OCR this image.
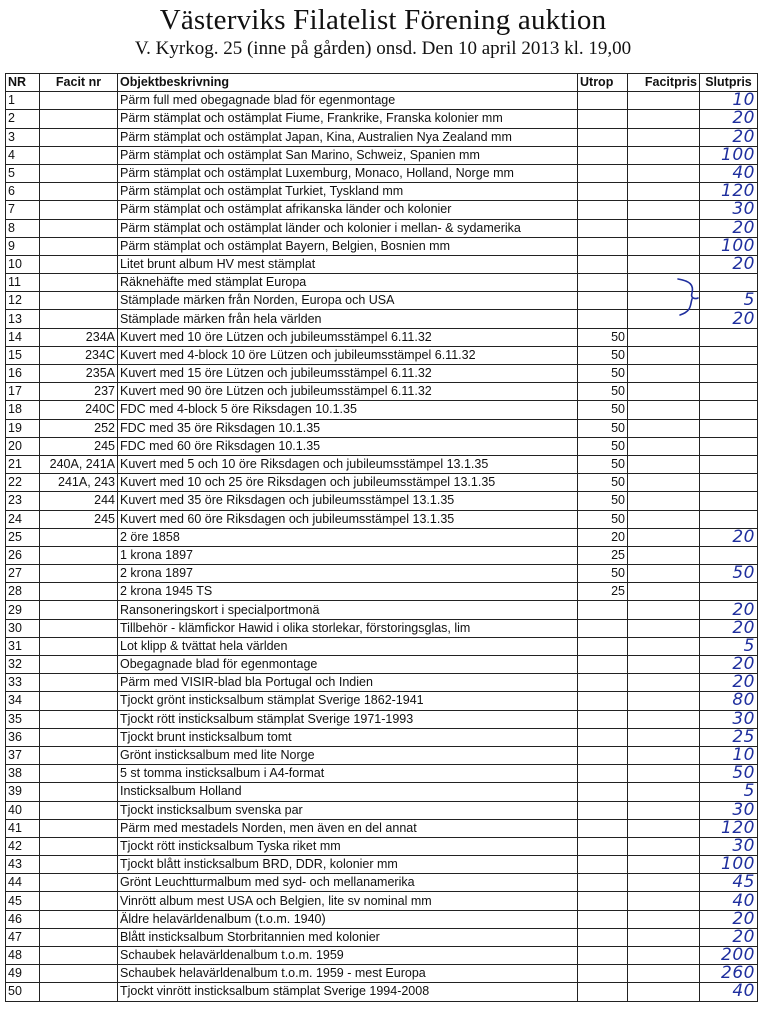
Västerviks Filatelist Förening auktion
V. Kyrkog. 25 (inne på gården) onsd. Den 10 april 2013 kl. 19,00
NR	Facit nr	Objektbeskrivning	Utrop	Facitpris	Slutpris
1		Pärm full med obegagnade blad för egenmontage			10
2		Pärm stämplat och ostämplat Fiume, Frankrike, Franska kolonier mm			20
3		Pärm stämplat och ostämplat Japan, Kina, Australien Nya Zealand mm			20
4		Pärm stämplat och ostämplat San Marino, Schweiz, Spanien mm			100
5		Pärm stämplat och ostämplat Luxemburg, Monaco, Holland, Norge mm			40
6		Pärm stämplat och ostämplat Turkiet, Tyskland mm			120
7		Pärm stämplat och ostämplat afrikanska länder och kolonier			30
8		Pärm stämplat och ostämplat länder och kolonier i mellan- & sydamerika			20
9		Pärm stämplat och ostämplat Bayern, Belgien, Bosnien mm			100
10		Litet brunt album HV mest stämplat			20
11		Räknehäfte med stämplat Europa			
12		Stämplade märken från Norden, Europa och USA			5
13		Stämplade märken från hela världen			20
14	234A	Kuvert med 10 öre Lützen och jubileumsstämpel 6.11.32	50		
15	234C	Kuvert med 4-block 10 öre Lützen och jubileumsstämpel 6.11.32	50		
16	235A	Kuvert med 15 öre Lützen och jubileumsstämpel 6.11.32	50		
17	237	Kuvert med 90 öre Lützen och jubileumsstämpel 6.11.32	50		
18	240C	FDC med 4-block 5 öre Riksdagen 10.1.35	50		
19	252	FDC med 35 öre Riksdagen 10.1.35	50		
20	245	FDC med 60 öre Riksdagen 10.1.35	50		
21	240A, 241A	Kuvert med 5 och 10 öre Riksdagen och jubileumsstämpel 13.1.35	50		
22	241A, 243	Kuvert med 10 och 25 öre Riksdagen och jubileumsstämpel 13.1.35	50		
23	244	Kuvert med 35 öre Riksdagen och jubileumsstämpel 13.1.35	50		
24	245	Kuvert med 60 öre Riksdagen och jubileumsstämpel 13.1.35	50		
25		2 öre 1858	20		20
26		1 krona 1897	25		
27		2 krona 1897	50		50
28		2 krona 1945 TS	25		
29		Ransoneringskort i specialportmonä			20
30		Tillbehör - klämfickor Hawid i olika storlekar, förstoringsglas, lim			20
31		Lot klipp & tvättat hela världen			5
32		Obegagnade blad för egenmontage			20
33		Pärm med VISIR-blad bla Portugal och Indien			20
34		Tjockt grönt insticksalbum stämplat Sverige 1862-1941			80
35		Tjockt rött insticksalbum stämplat Sverige 1971-1993			30
36		Tjockt brunt insticksalbum tomt			25
37		Grönt insticksalbum med lite Norge			10
38		5 st tomma insticksalbum i A4-format			50
39		Insticksalbum Holland			5
40		Tjockt insticksalbum svenska par			30
41		Pärm med mestadels Norden, men även en del annat			120
42		Tjockt rött insticksalbum Tyska riket mm			30
43		Tjockt blått insticksalbum BRD, DDR, kolonier mm			100
44		Grönt Leuchtturmalbum med syd- och mellanamerika			45
45		Vinrött album mest USA och Belgien, lite sv nominal mm			40
46		Äldre helavärldenalbum (t.o.m. 1940)			20
47		Blått insticksalbum Storbritannien med kolonier			20
48		Schaubek helavärldenalbum t.o.m. 1959			200
49		Schaubek helavärldenalbum t.o.m. 1959 - mest Europa			260
50		Tjockt vinrött insticksalbum stämplat Sverige 1994-2008			40
